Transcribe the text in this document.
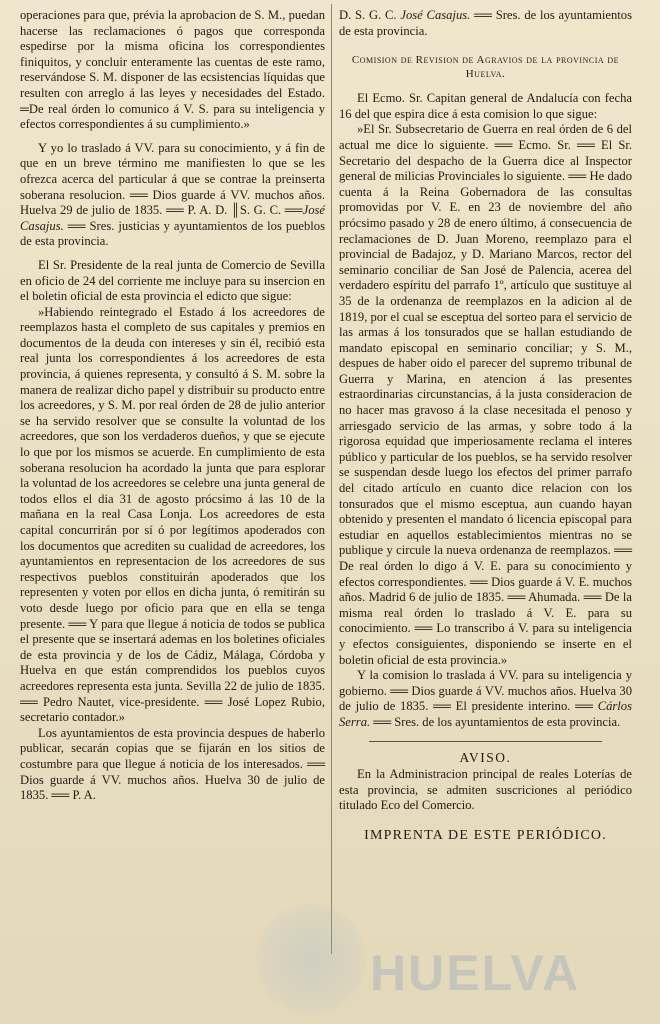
operaciones para que, prévia la aprobacion de S. M., puedan hacerse las reclamaciones ó pagos que corresponda espedirse por la misma oficina los correspondientes finiquitos, y concluir enteramente las cuentas de este ramo, reservándose S. M. disponer de las ecsistencias líquidas que resulten con arreglo á las leyes y necesidades del Estado. ═De real órden lo comunico á V. S. para su inteligencia y efectos correspondientes á su cumplimiento.»

Y yo lo traslado á VV. para su conocimiento, y á fin de que en un breve término me manifiesten lo que se les ofrezca acerca del particular á que se contrae la preinserta soberana resolucion. ══ Dios guarde á VV. muchos años. Huelva 29 de julio de 1835. ══ P. A. D. ║S. G. C. ══José Casajus. ══ Sres. justicias y ayuntamientos de los pueblos de esta provincia.

El Sr. Presidente de la real junta de Comercio de Sevilla en oficio de 24 del corriente me incluye para su insercion en el boletin oficial de esta provincia el edicto que sigue:

»Habiendo reintegrado el Estado á los acreedores de reemplazos hasta el completo de sus capitales y premios en documentos de la deuda con intereses y sin él, recibió esta real junta los correspondientes á los acreedores de esta provincia, á quienes representa, y consultó á S. M. sobre la manera de realizar dicho papel y distribuir su producto entre los acreedores, y S. M. por real órden de 28 de julio anterior se ha servido resolver que se consulte la voluntad de los acreedores, que son los verdaderos dueños, y que se ejecute lo que por los mismos se acuerde. En cumplimiento de esta soberana resolucion ha acordado la junta que para esplorar la voluntad de los acreedores se celebre una junta general de todos ellos el dia 31 de agosto prócsimo á las 10 de la mañana en la real Casa Lonja. Los acreedores de esta capital concurrirán por sí ó por legítimos apoderados con los documentos que acrediten su cualidad de acreedores, los ayuntamientos en representacion de los acreedores de sus respectivos pueblos constituirán apoderados que los representen y voten por ellos en dicha junta, ó remitirán su voto desde luego por oficio para que en ella se tenga presente. ══ Y para que llegue á noticia de todos se publica el presente que se insertará ademas en los boletines oficiales de esta provincia y de los de Cádiz, Málaga, Córdoba y Huelva en que están comprendidos los pueblos cuyos acreedores representa esta junta. Sevilla 22 de julio de 1835. ══ Pedro Nautet, vice-presidente. ══ José Lopez Rubio, secretario contador.»

Los ayuntamientos de esta provincia despues de haberlo publicar, secarán copias que se fijarán en los sitios de costumbre para que llegue á noticia de los interesados. ══ Dios guarde á VV. muchos años. Huelva 30 de julio de 1835. ══ P. A.

D. S. G. C. José Casajus. ══ Sres. de los ayuntamientos de esta provincia.

Comision de Revision de Agravios de la provincia de Huelva.

El Ecmo. Sr. Capitan general de Andalucía con fecha 16 del que espira dice á esta comision lo que sigue:

»El Sr. Subsecretario de Guerra en real órden de 6 del actual me dice lo siguiente. ══ Ecmo. Sr. ══ El Sr. Secretario del despacho de la Guerra dice al Inspector general de milicias Provinciales lo siguiente. ══ He dado cuenta á la Reina Gobernadora de las consultas promovidas por V. E. en 23 de noviembre del año prócsimo pasado y 28 de enero último, á consecuencia de reclamaciones de D. Juan Moreno, reemplazo para el provincial de Badajoz, y D. Mariano Marcos, rector del seminario conciliar de San José de Palencia, acerea del verdadero espíritu del parrafo 1º, artículo que sustituye al 35 de la ordenanza de reemplazos en la adicion al de 1819, por el cual se esceptua del sorteo para el servicio de las armas á los tonsurados que se hallan estudiando de mandato episcopal en seminario conciliar; y S. M., despues de haber oido el parecer del supremo tribunal de Guerra y Marina, en atencion á las presentes estraordinarias circunstancias, á la justa consideracion de no hacer mas gravoso á la clase necesitada el penoso y arriesgado servicio de las armas, y sobre todo á la rigorosa equidad que imperiosamente reclama el interes público y particular de los pueblos, se ha servido resolver se suspendan desde luego los efectos del primer parrafo del citado artículo en cuanto dice relacion con los tonsurados que el mismo esceptua, aun cuando hayan obtenido y presenten el mandato ó licencia episcopal para estudiar en aquellos establecimientos mientras no se publique y circule la nueva ordenanza de reemplazos. ══ De real órden lo digo á V. E. para su conocimiento y efectos correspondientes. ══ Dios guarde á V. E. muchos años. Madrid 6 de julio de 1835. ══ Ahumada. ══ De la misma real órden lo traslado á V. E. para su conocimiento. ══ Lo transcribo á V. para su inteligencia y efectos consiguientes, disponiendo se inserte en el boletin oficial de esta provincia.»

Y la comision lo traslada á VV. para su inteligencia y gobierno. ══ Dios guarde á VV. muchos años. Huelva 30 de julio de 1835. ══ El presidente interino. ══ Cárlos Serra. ══ Sres. de los ayuntamientos de esta provincia.

AVISO.

En la Administracion principal de reales Loterías de esta provincia, se admiten suscriciones al periódico titulado Eco del Comercio.

IMPRENTA DE ESTE PERIÓDICO.
HUELVA
